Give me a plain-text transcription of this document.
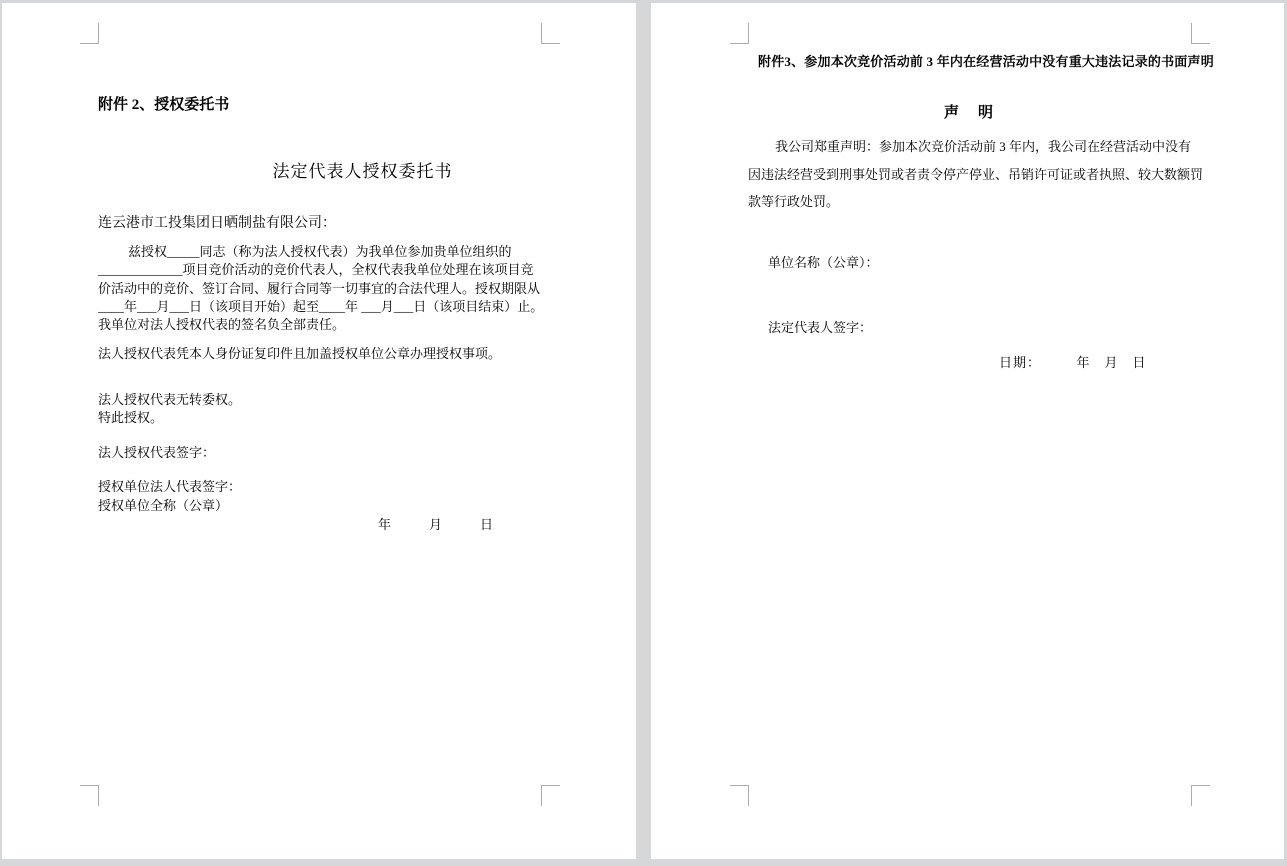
附件 2、授权委托书
法定代表人授权委托书
连云港市工投集团日晒制盐有限公司：
兹授权_____同志（称为法人授权代表）为我单位参加贵单位组织的
_____________项目竞价活动的竞价代表人，全权代表我单位处理在该项目竞
价活动中的竞价、签订合同、履行合同等一切事宜的合法代理人。授权期限从
____年___月___日（该项目开始）起至____年 ___月___日（该项目结束）止。
我单位对法人授权代表的签名负全部责任。
法人授权代表凭本人身份证复印件且加盖授权单位公章办理授权事项。
法人授权代表无转委权。
特此授权。
法人授权代表签字：
授权单位法人代表签字：
授权单位全称（公章）
年　　月　　日
附件3、参加本次竞价活动前 3 年内在经营活动中没有重大违法记录的书面声明
声　明
我公司郑重声明：参加本次竞价活动前 3 年内，我公司在经营活动中没有
因违法经营受到刑事处罚或者责令停产停业、吊销许可证或者执照、较大数额罚
款等行政处罚。
单位名称（公章）：
法定代表人签字：
日期：　　　年　月　日
